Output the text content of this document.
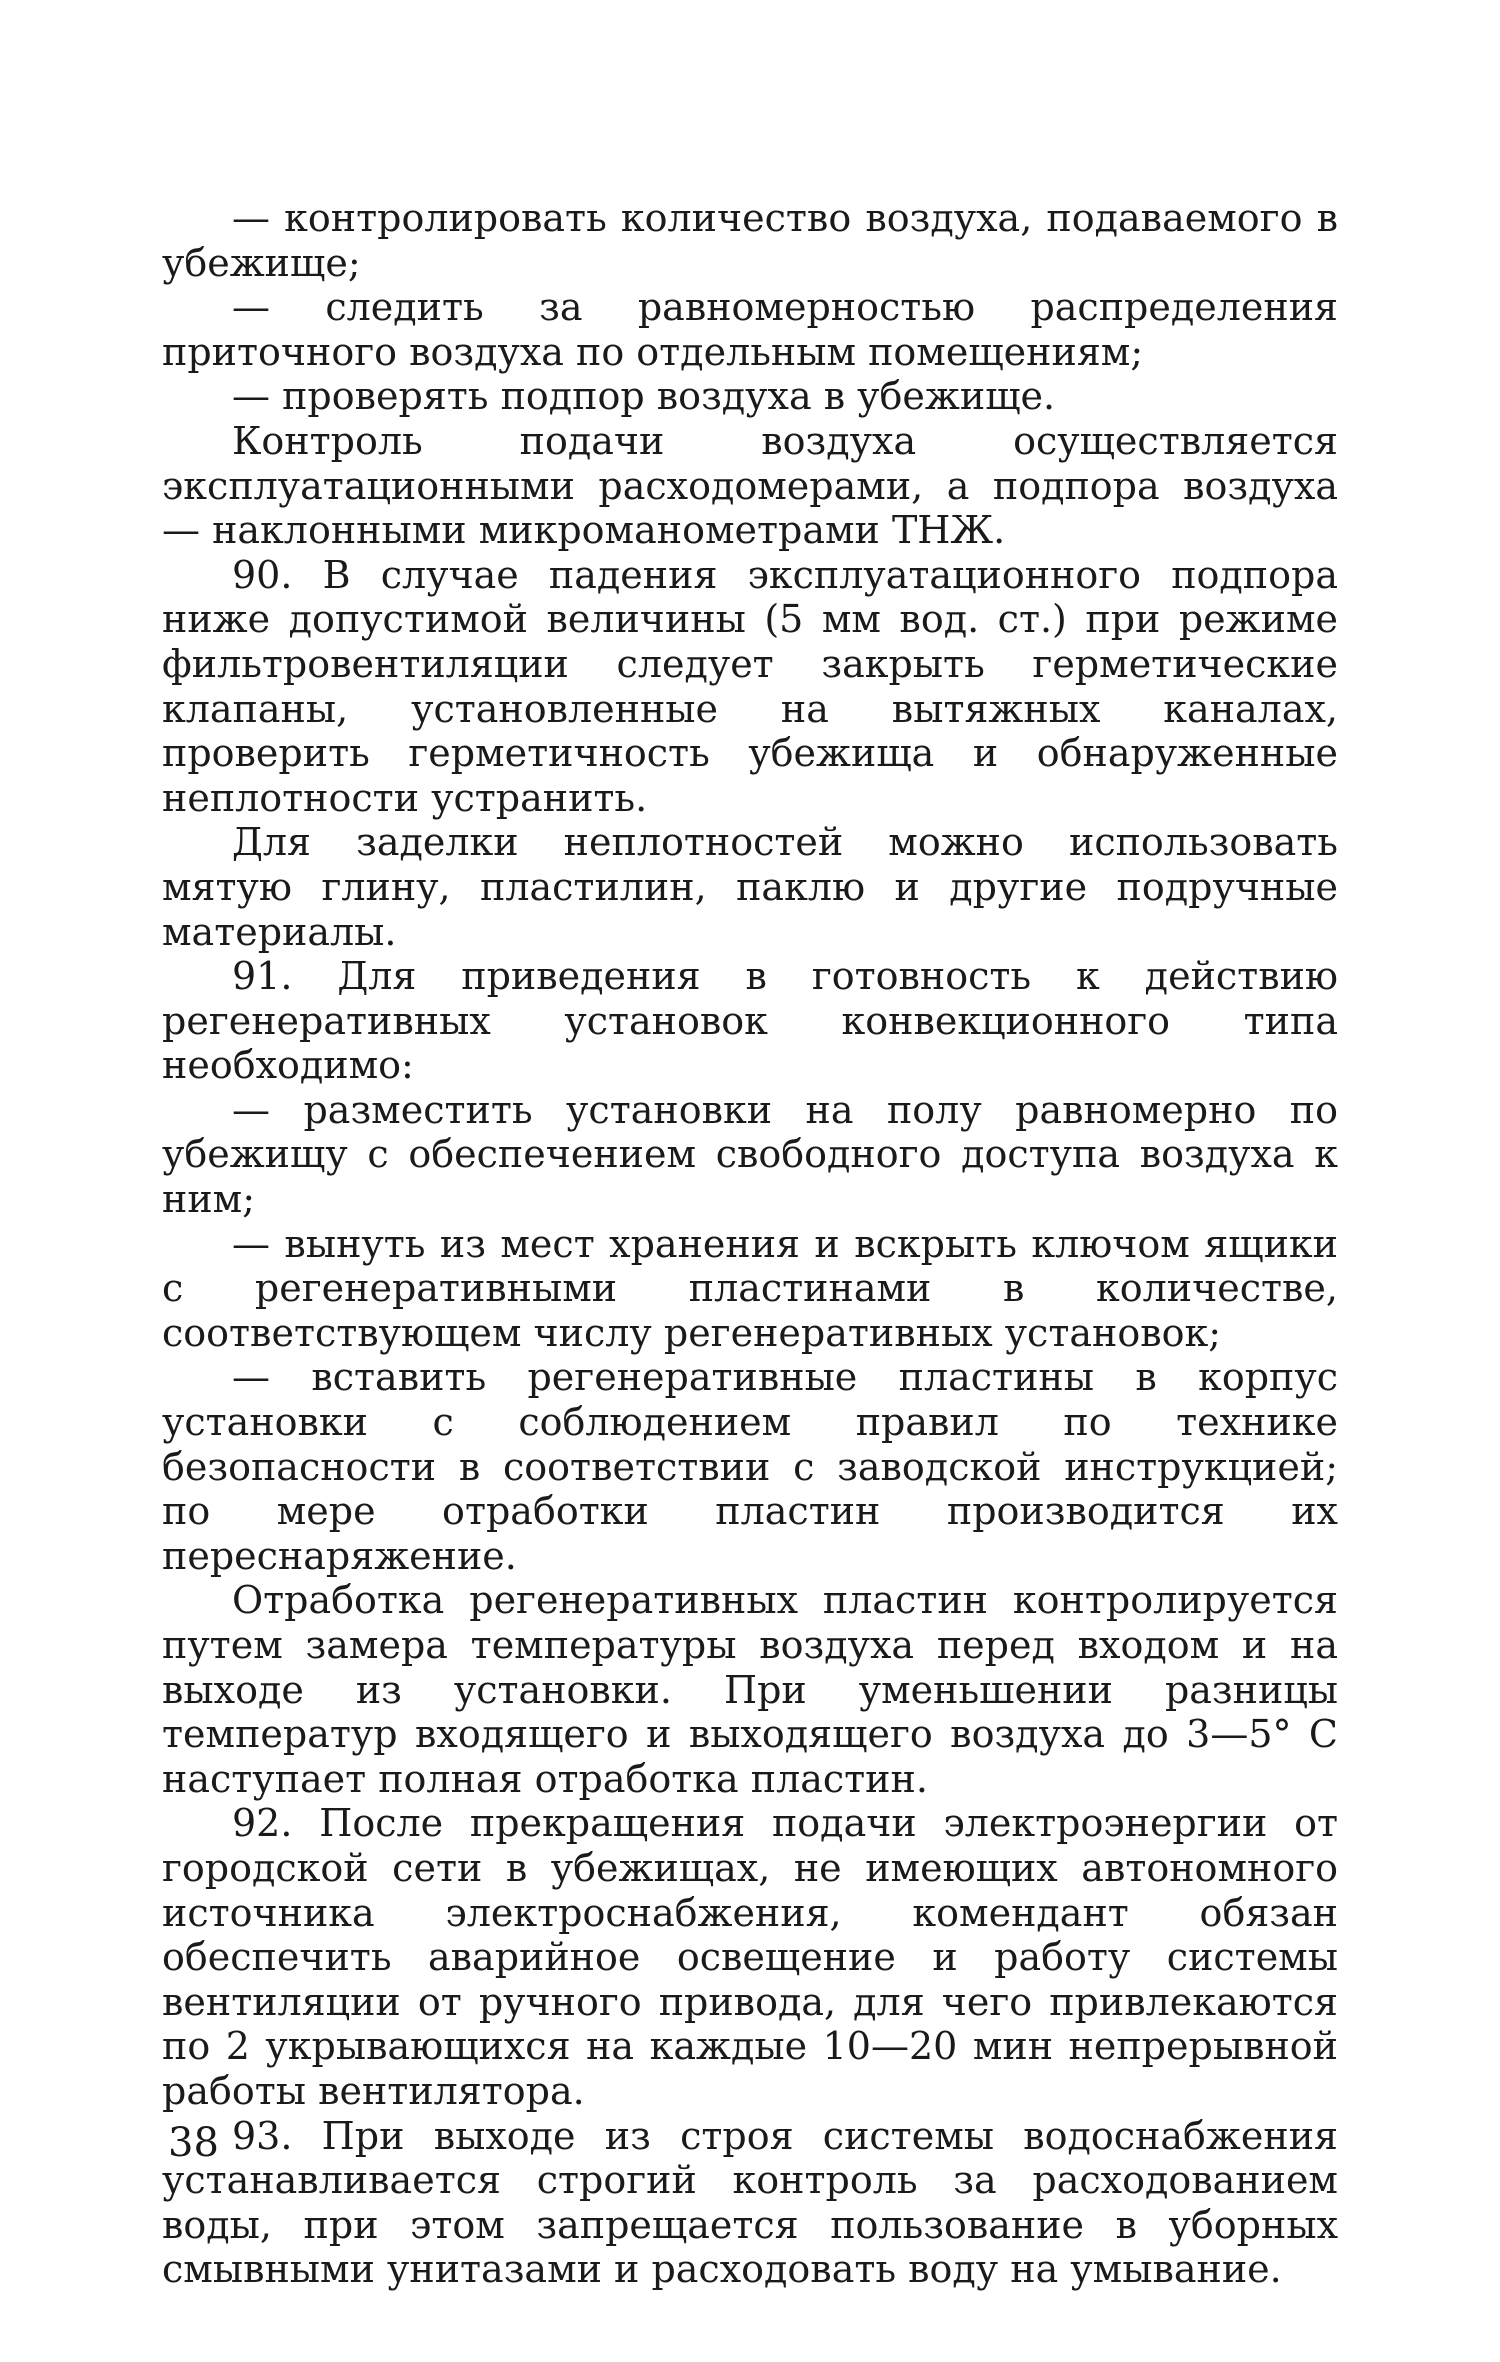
— контролировать количество воздуха, подаваемого в убежище;

— следить за равномерностью распределения приточного воздуха по отдельным помещениям;

— проверять подпор воздуха в убежище.

Контроль подачи воздуха осуществляется эксплуатационными расходомерами, а подпора воздуха — наклонными микроманометрами ТНЖ.

90. В случае падения эксплуатационного подпора ниже допустимой величины (5 мм вод. ст.) при режиме фильтровентиляции следует закрыть герметические клапаны, установленные на вытяжных каналах, проверить герметичность убежища и обнаруженные неплотности устранить.

Для заделки неплотностей можно использовать мятую глину, пластилин, паклю и другие подручные материалы.

91. Для приведения в готовность к действию регенеративных установок конвекционного типа необходимо:

— разместить установки на полу равномерно по убежищу с обеспечением свободного доступа воздуха к ним;

— вынуть из мест хранения и вскрыть ключом ящики с регенеративными пластинами в количестве, соответствующем числу регенеративных установок;

— вставить регенеративные пластины в корпус установки с соблюдением правил по технике безопасности в соответствии с заводской инструкцией; по мере отработки пластин производится их переснаряжение.

Отработка регенеративных пластин контролируется путем замера температуры воздуха перед входом и на выходе из установки. При уменьшении разницы температур входящего и выходящего воздуха до 3—5° С наступает полная отработка пластин.

92. После прекращения подачи электроэнергии от городской сети в убежищах, не имеющих автономного источника электроснабжения, комендант обязан обеспечить аварийное освещение и работу системы вентиляции от ручного привода, для чего привлекаются по 2 укрывающихся на каждые 10—20 мин непрерывной работы вентилятора.

93. При выходе из строя системы водоснабжения устанавливается строгий контроль за расходованием воды, при этом запрещается пользование в уборных смывными унитазами и расходовать воду на умывание.

38
